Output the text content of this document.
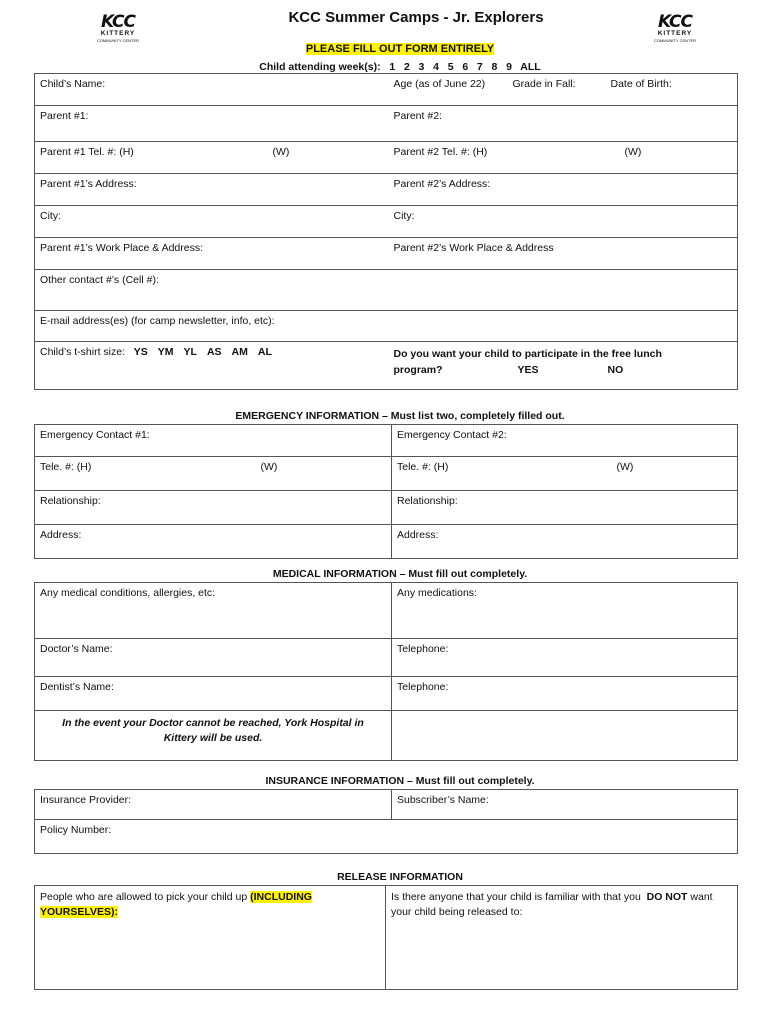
KCC
KITTERY
COMMUNITY CENTER
KCC
KITTERY
COMMUNITY CENTER
KCC Summer Camps - Jr. Explorers
PLEASE FILL OUT FORM ENTIRELY
Child attending week(s): 1   2   3   4   5   6   7   8   9   ALL
Child’s Name:	Age (as of June 22) Grade in Fall: Date of Birth:

Parent #1:	Parent #2:
Parent #1 Tel. #: (H) (W)	Parent #2 Tel. #: (H) (W)

Parent #1’s Address:	Parent #2’s Address:
City:	City:
Parent #1’s Work Place & Address:	Parent #2’s Work Place & Address
Other contact #’s (Cell #):	
E-mail address(es) (for camp newsletter, info, etc):	
Child’s t-shirt size: YS YM YL AS AM AL	Do you want your child to participate in the free lunch
program? YES NO
EMERGENCY INFORMATION – Must list two, completely filled out.
Emergency Contact #1:	Emergency Contact #2:
Tele. #: (H) (W)	Tele. #: (H) (W)

Relationship:	Relationship:
Address:	Address:
MEDICAL INFORMATION – Must fill out completely.
Any medical conditions, allergies, etc:	Any medications:
Doctor’s Name:	Telephone:
Dentist’s Name:	Telephone:

In the event your Doctor cannot be reached, York Hospital in
Kittery will be used.	

INSURANCE INFORMATION – Must fill out completely.
Insurance Provider:	Subscriber’s Name:
Policy Number:
RELEASE INFORMATION
People who are allowed to pick your child up (INCLUDING YOURSELVES):	Is there anyone that your child is familiar with that you DO NOT want your child being released to:
